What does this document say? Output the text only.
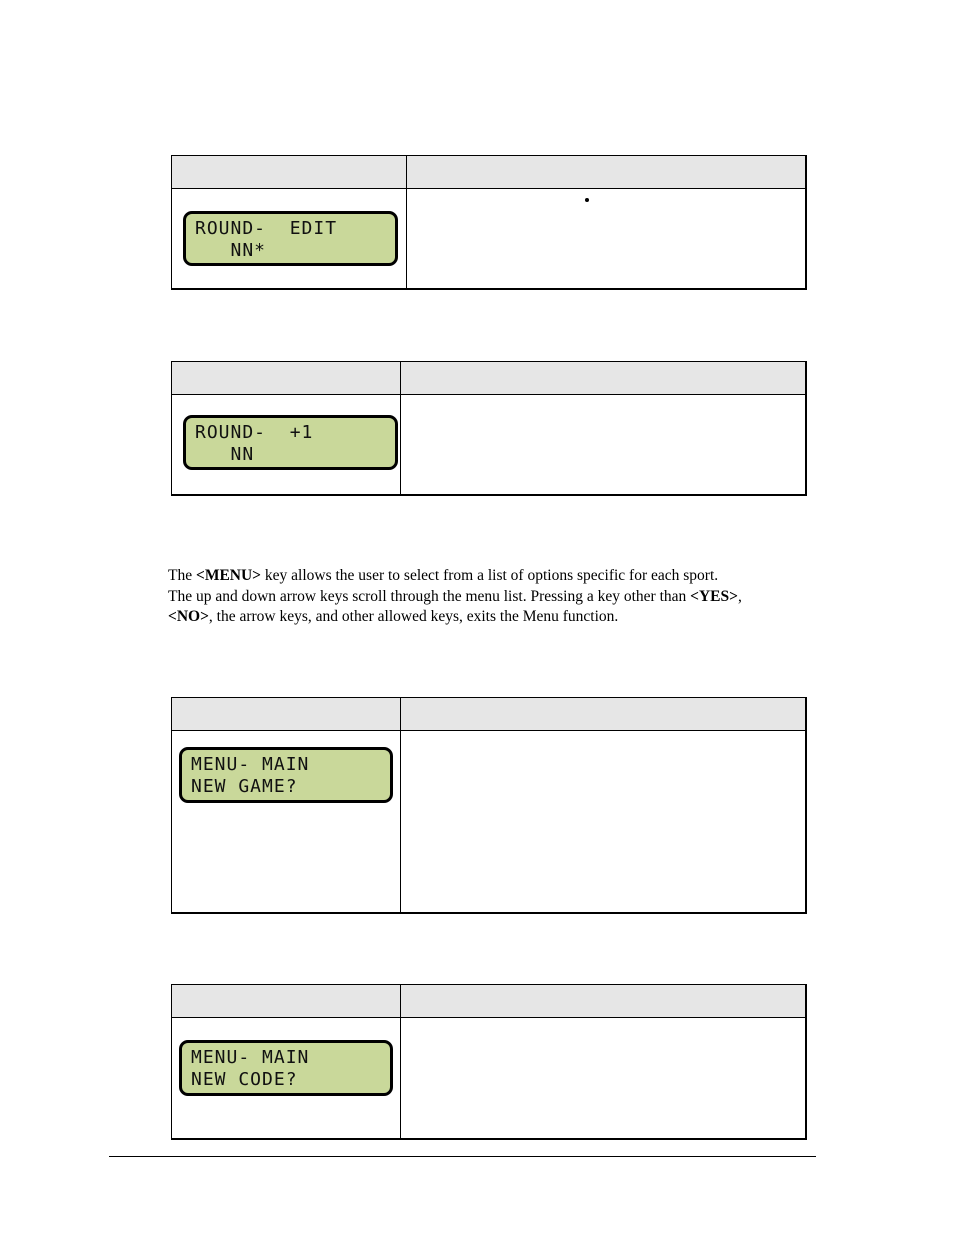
ROUND-  EDIT
NN*
ROUND-  +1
NN
The <MENU> key allows the user to select from a list of options specific for each sport.
The up and down arrow keys scroll through the menu list. Pressing a key other than <YES>,
<NO>, the arrow keys, and other allowed keys, exits the Menu function.
MENU- MAIN
NEW GAME?
MENU- MAIN
NEW CODE?
